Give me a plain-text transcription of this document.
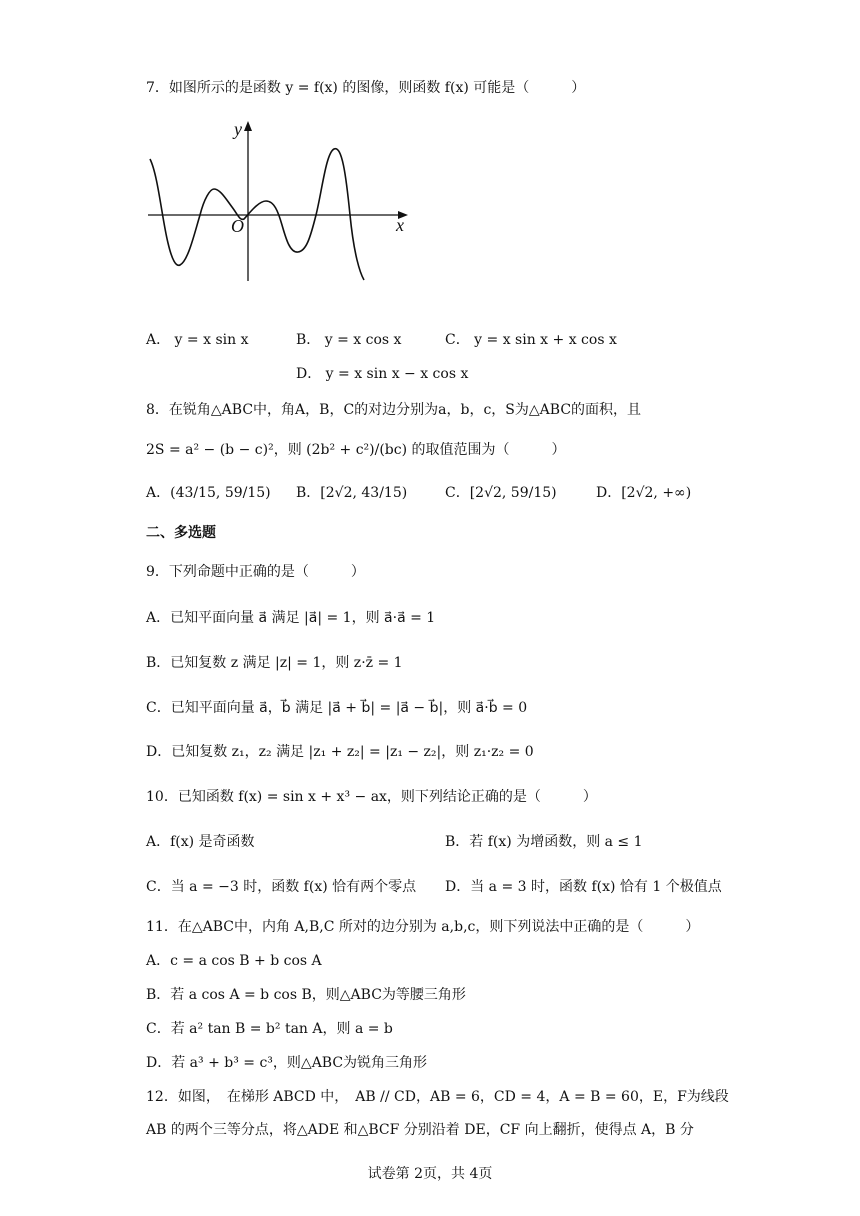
7．如图所示的是函数 y = f(x) 的图像，则函数 f(x) 可能是（　　　）
y
x
O
A． y = x sin x	B． y = x cos x	C． y = x sin x + x cos x
D． y = x sin x − x cos x
8．在锐角△ABC中，角A，B，C的对边分别为a，b，c，S为△ABC的面积，且
2S = a² − (b − c)²，则 (2b² + c²)/(bc) 的取值范围为（　　　）
A．(43/15, 59/15) B．[2√2, 43/15)	C．[2√2, 59/15)	D．[2√2, +∞)
二、多选题
9．下列命题中正确的是（　　　）
A．已知平面向量 a⃗ 满足 |a⃗| = 1，则 a⃗·a⃗ = 1
B．已知复数 z 满足 |z| = 1，则 z·z̄ = 1
C．已知平面向量 a⃗，b⃗ 满足 |a⃗ + b⃗| = |a⃗ − b⃗|，则 a⃗·b⃗ = 0
D．已知复数 z₁，z₂ 满足 |z₁ + z₂| = |z₁ − z₂|，则 z₁·z₂ = 0
10．已知函数 f(x) = sin x + x³ − ax，则下列结论正确的是（　　　）
A．f(x) 是奇函数	B．若 f(x) 为增函数，则 a ≤ 1
C．当 a = −3 时，函数 f(x) 恰有两个零点 D．当 a = 3 时，函数 f(x) 恰有 1 个极值点
11．在△ABC中，内角 A,B,C 所对的边分别为 a,b,c，则下列说法中正确的是（　　　）
A．c = a cos B + b cos A
B．若 a cos A = b cos B，则△ABC为等腰三角形
C．若 a² tan B = b² tan A，则 a = b
D．若 a³ + b³ = c³，则△ABC为锐角三角形
12．如图，　在梯形 ABCD 中，　AB // CD，AB = 6，CD = 4，A = B = 60，E，F为线段
AB 的两个三等分点，将△ADE 和△BCF 分别沿着 DE，CF 向上翻折，使得点 A，B 分
试卷第 2页，共 4页
